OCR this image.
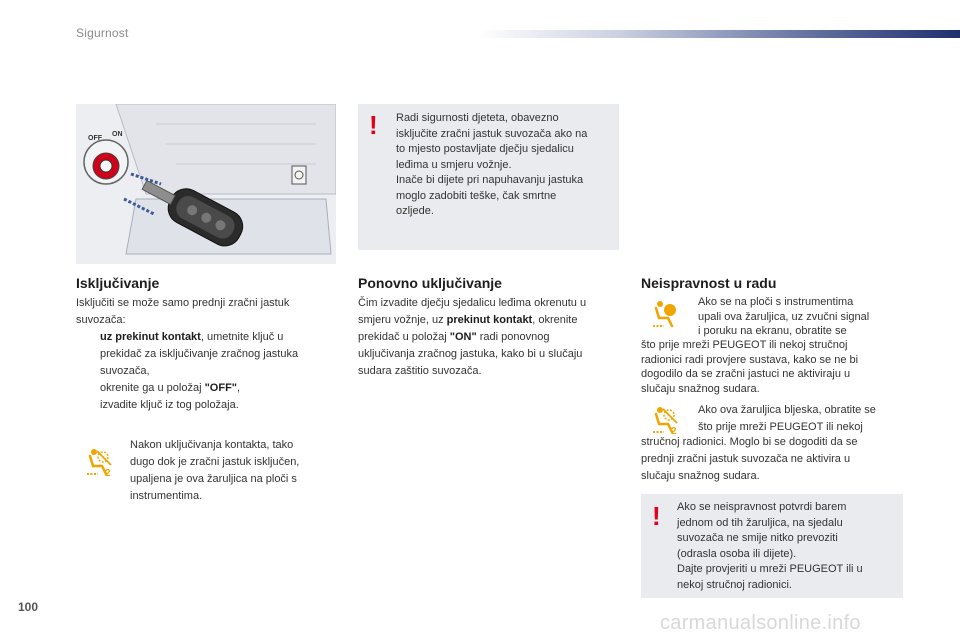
Sigurnost
OFF
ON	! Radi sigurnosti djeteta, obavezno

isključite zračni jastuk suvozača ako na

to mjesto postavljate dječju sjedalicu

leđima u smjeru vožnje.

Inače bi dijete pri napuhavanju jastuka

moglo zadobiti teške, čak smrtne

ozljede.

Isključivanje

Isključiti se može samo prednji zračni jastuk

suvozača:

uz prekinut kontakt, umetnite ključ u

prekidač za isključivanje zračnog jastuka

suvozača,

okrenite ga u položaj "OFF",
izvadite ključ iz tog položaja.
2

Nakon uključivanja kontakta, tako

dugo dok je zračni jastuk isključen,

upaljena je ova žaruljica na ploči s

instrumentima.

Ponovno uključivanje

Čim izvadite dječju sjedalicu leđima okrenutu u

smjeru vožnje, uz prekinut kontakt, okrenite

prekidač u položaj "ON" radi ponovnog

uključivanja zračnog jastuka, kako bi u slučaju

sudara zaštitio suvozača.

Neispravnost u radu

Ako se na ploči s instrumentima

upali ova žaruljica, uz zvučni signal

i poruku na ekranu, obratite se

što prije mreži PEUGEOT ili nekoj stručnoj

radionici radi provjere sustava, kako se ne bi

dogodilo da se zračni jastuci ne aktiviraju u

slučaju snažnog sudara.

2

Ako ova žaruljica bljeska, obratite se

što prije mreži PEUGEOT ili nekoj

stručnoj radionici. Moglo bi se dogoditi da se

prednji zračni jastuk suvozača ne aktivira u

slučaju snažnog sudara.

! Ako se neispravnost potvrdi barem

jednom od tih žaruljica, na sjedalu

suvozača ne smije nitko prevoziti

(odrasla osoba ili dijete).

Dajte provjeriti u mreži PEUGEOT ili u

nekoj stručnoj radionici.

100
carmanualsonline.info
